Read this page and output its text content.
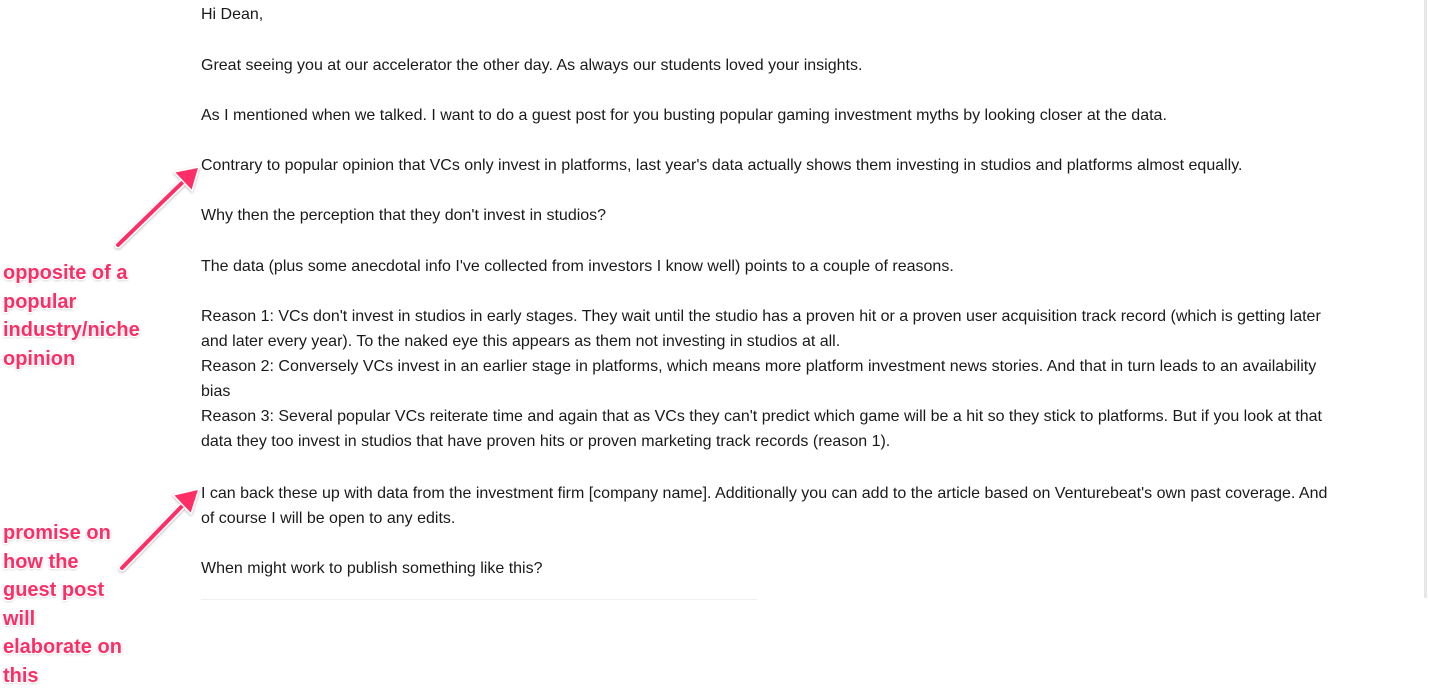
Hi Dean,

Great seeing you at our accelerator the other day. As always our students loved your insights.

As I mentioned when we talked. I want to do a guest post for you busting popular gaming investment myths by looking closer at the data.

Contrary to popular opinion that VCs only invest in platforms, last year's data actually shows them investing in studios and platforms almost equally.

Why then the perception that they don't invest in studios?

The data (plus some anecdotal info I've collected from investors I know well) points to a couple of reasons.

Reason 1: VCs don't invest in studios in early stages. They wait until the studio has a proven hit or a proven user acquisition track record (which is getting later

and later every year). To the naked eye this appears as them not investing in studios at all.

Reason 2: Conversely VCs invest in an earlier stage in platforms, which means more platform investment news stories. And that in turn leads to an availability

bias

Reason 3: Several popular VCs reiterate time and again that as VCs they can't predict which game will be a hit so they stick to platforms. But if you look at that

data they too invest in studios that have proven hits or proven marketing track records (reason 1).

I can back these up with data from the investment firm [company name]. Additionally you can add to the article based on Venturebeat's own past coverage. And

of course I will be open to any edits.

When might work to publish something like this?

opposite of a
popular
industry/niche
opinion
promise on
how the
guest post
will
elaborate on
this
